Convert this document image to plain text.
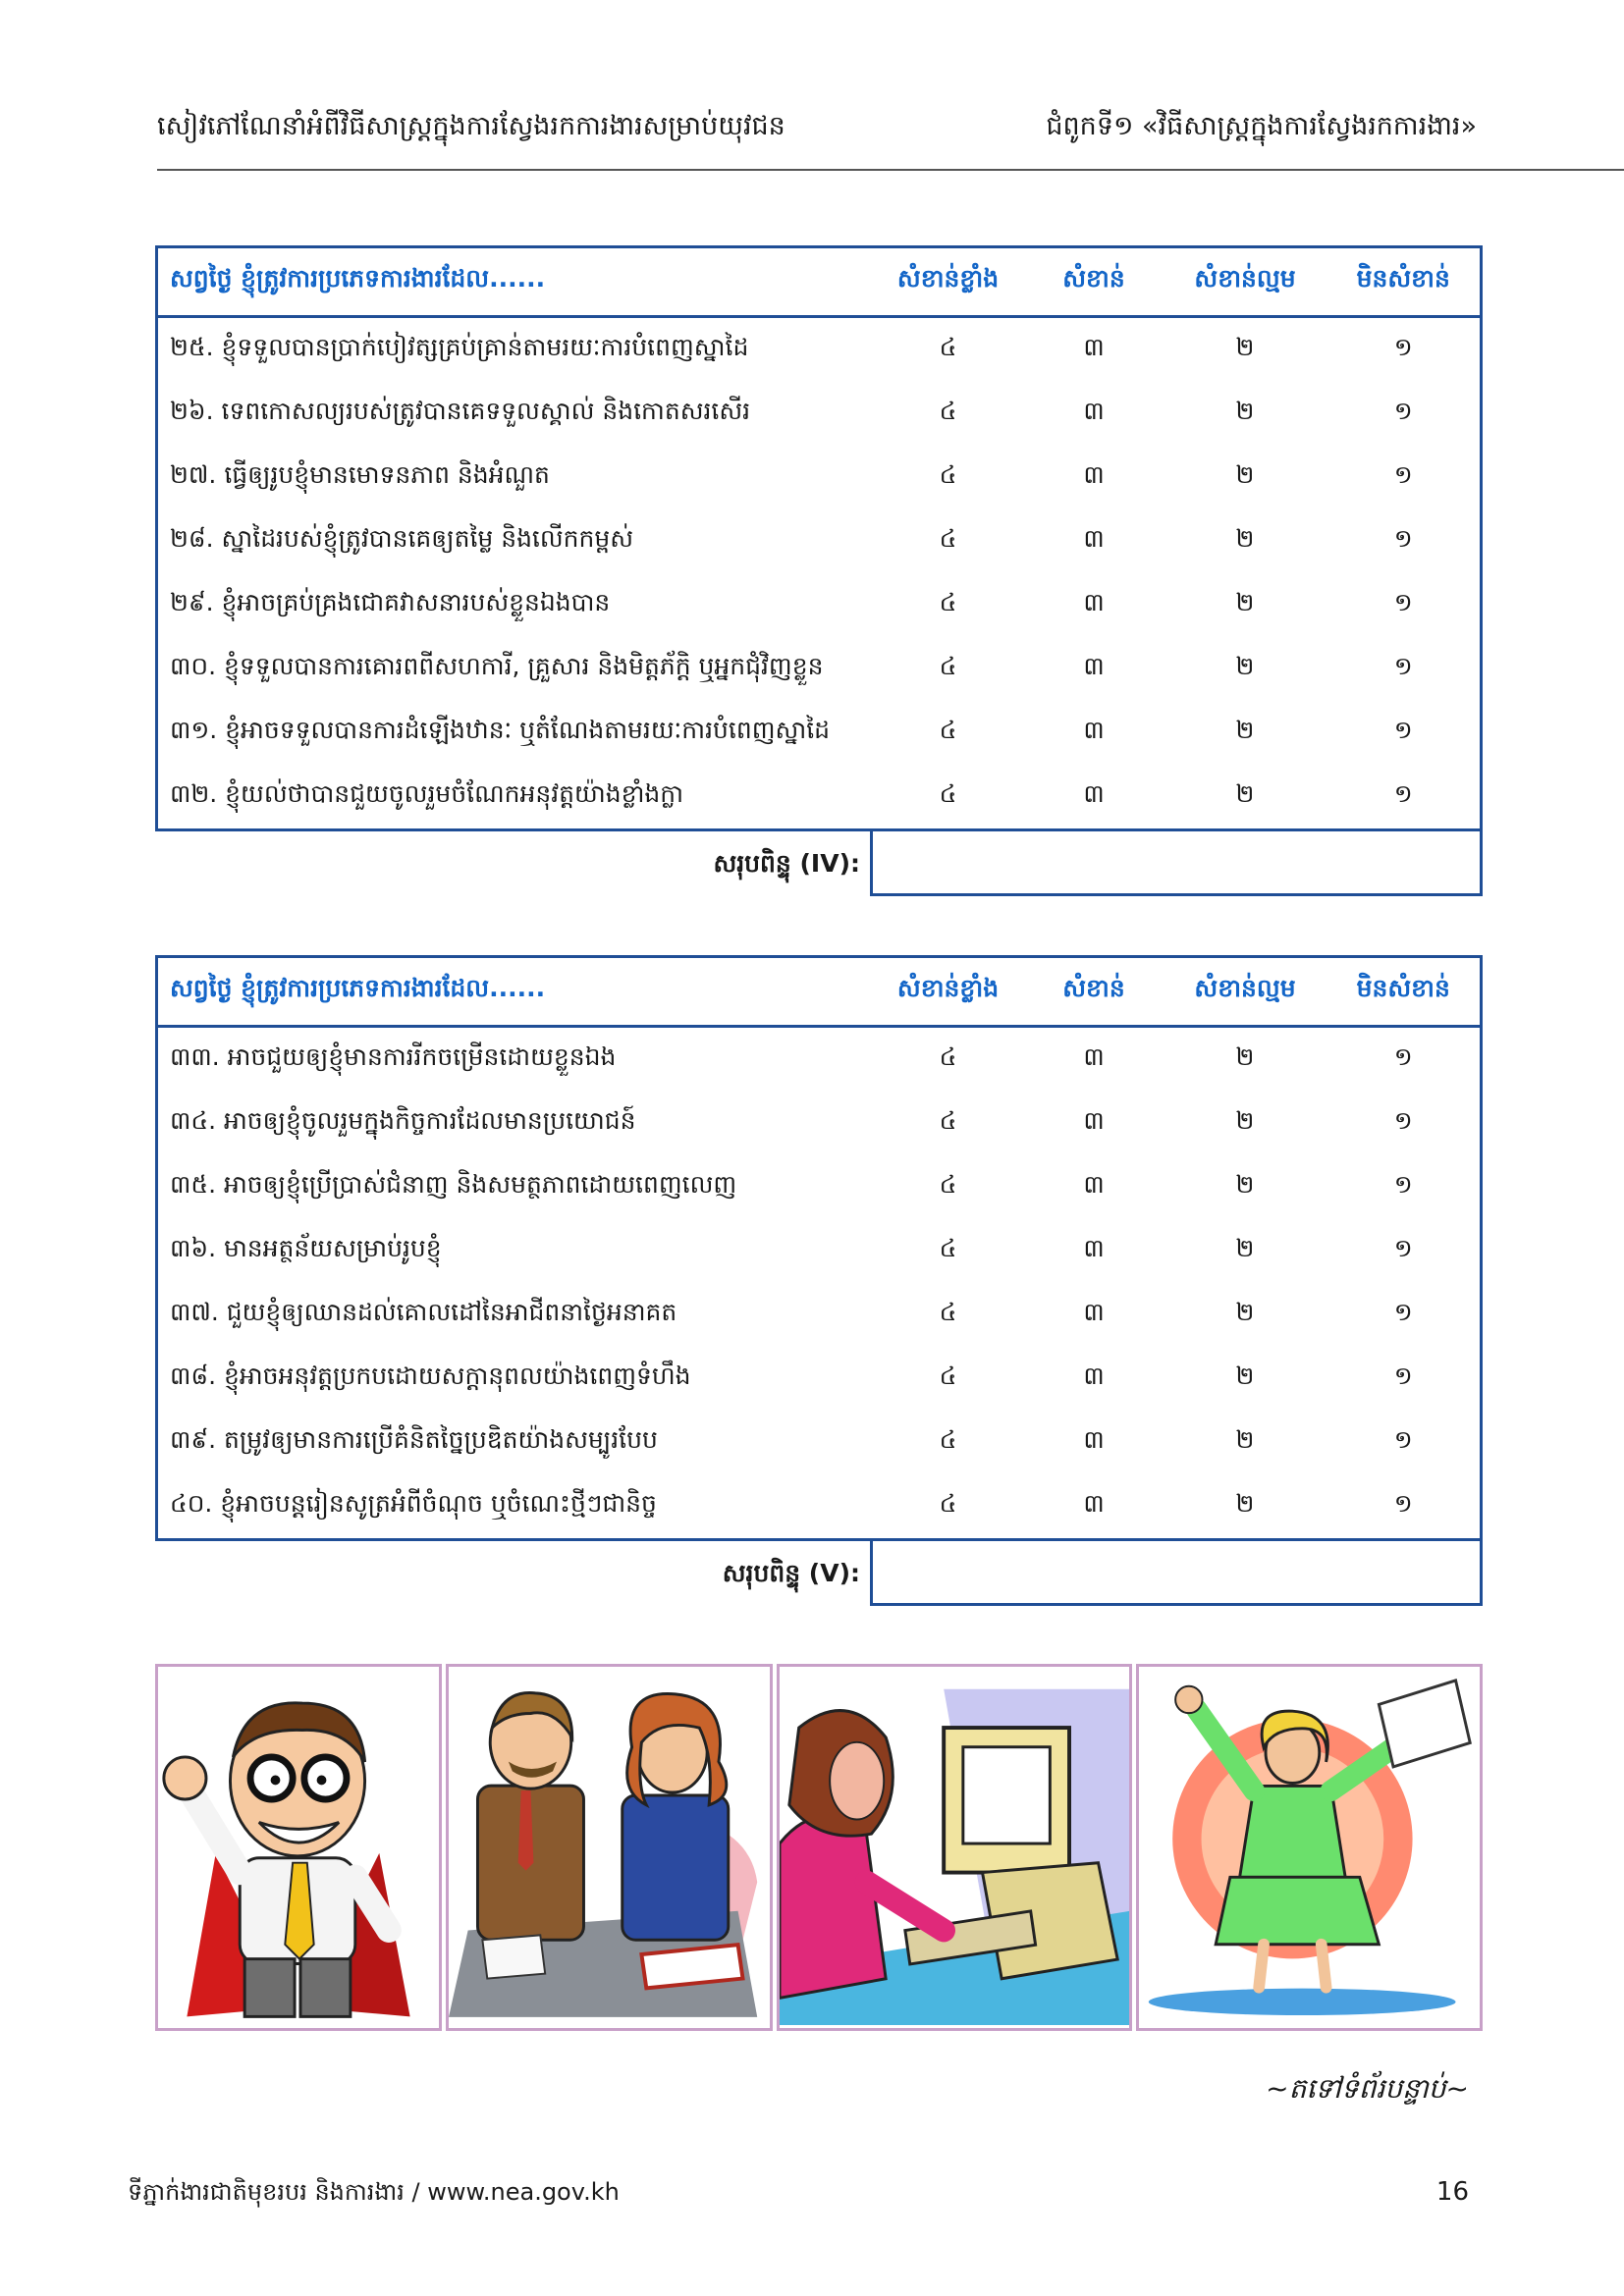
សៀវភៅណែនាំអំពីវិធីសាស្ត្រក្នុងការស្វែងរកការងារសម្រាប់យុវជន	ជំពូកទី១ «វិធីសាស្ត្រក្នុងការស្វែងរកការងារ»
សព្វថ្ងៃ ខ្ញុំត្រូវការប្រភេទការងារដែល......	សំខាន់ខ្លាំង	សំខាន់	សំខាន់ល្មម	មិនសំខាន់
២៥. ខ្ញុំទទួលបានប្រាក់បៀវត្សគ្រប់គ្រាន់តាមរយៈការបំពេញស្នាដៃ	៤	៣	២	១
២៦. ទេពកោសល្យរបស់ត្រូវបានគេទទួលស្គាល់ និងកោតសរសើរ	៤	៣	២	១
២៧. ធ្វើឲ្យរូបខ្ញុំមានមោទនភាព និងអំណួត	៤	៣	២	១
២៨. ស្នាដៃរបស់ខ្ញុំត្រូវបានគេឲ្យតម្លៃ និងលើកកម្ពស់	៤	៣	២	១
២៩. ខ្ញុំអាចគ្រប់គ្រងជោគវាសនារបស់ខ្លួនឯងបាន	៤	៣	២	១
៣០. ខ្ញុំទទួលបានការគោរពពីសហការី, គ្រួសារ និងមិត្តភ័ក្តិ ឬអ្នកជុំវិញខ្លួន	៤	៣	២	១
៣១. ខ្ញុំអាចទទួលបានការដំឡើងឋានៈ ឬតំណែងតាមរយៈការបំពេញស្នាដៃ	៤	៣	២	១
៣២. ខ្ញុំយល់ថាបានជួយចូលរួមចំណែកអនុវត្តយ៉ាងខ្លាំងក្លា	៤	៣	២	១
សរុបពិន្ទុ (IV):
សព្វថ្ងៃ ខ្ញុំត្រូវការប្រភេទការងារដែល......	សំខាន់ខ្លាំង	សំខាន់	សំខាន់ល្មម	មិនសំខាន់
៣៣. អាចជួយឲ្យខ្ញុំមានការរីកចម្រើនដោយខ្លួនឯង	៤	៣	២	១
៣៤. អាចឲ្យខ្ញុំចូលរួមក្នុងកិច្ចការដែលមានប្រយោជន៍	៤	៣	២	១
៣៥. អាចឲ្យខ្ញុំប្រើប្រាស់ជំនាញ និងសមត្ថភាពដោយពេញលេញ	៤	៣	២	១
៣៦. មានអត្ថន័យសម្រាប់រូបខ្ញុំ	៤	៣	២	១
៣៧. ជួយខ្ញុំឲ្យឈានដល់គោលដៅនៃអាជីពនាថ្ងៃអនាគត	៤	៣	២	១
៣៨. ខ្ញុំអាចអនុវត្តប្រកបដោយសក្តានុពលយ៉ាងពេញទំហឹង	៤	៣	២	១
៣៩. តម្រូវឲ្យមានការប្រើគំនិតច្នៃប្រឌិតយ៉ាងសម្បូរបែប	៤	៣	២	១
៤០. ខ្ញុំអាចបន្តរៀនសូត្រអំពីចំណុច ឬចំណេះថ្មីៗជានិច្ច	៤	៣	២	១
សរុបពិន្ទុ (V):
~តទៅទំព័របន្ទាប់~
ទីភ្នាក់ងារជាតិមុខរបរ និងការងារ / www.nea.gov.kh	16
